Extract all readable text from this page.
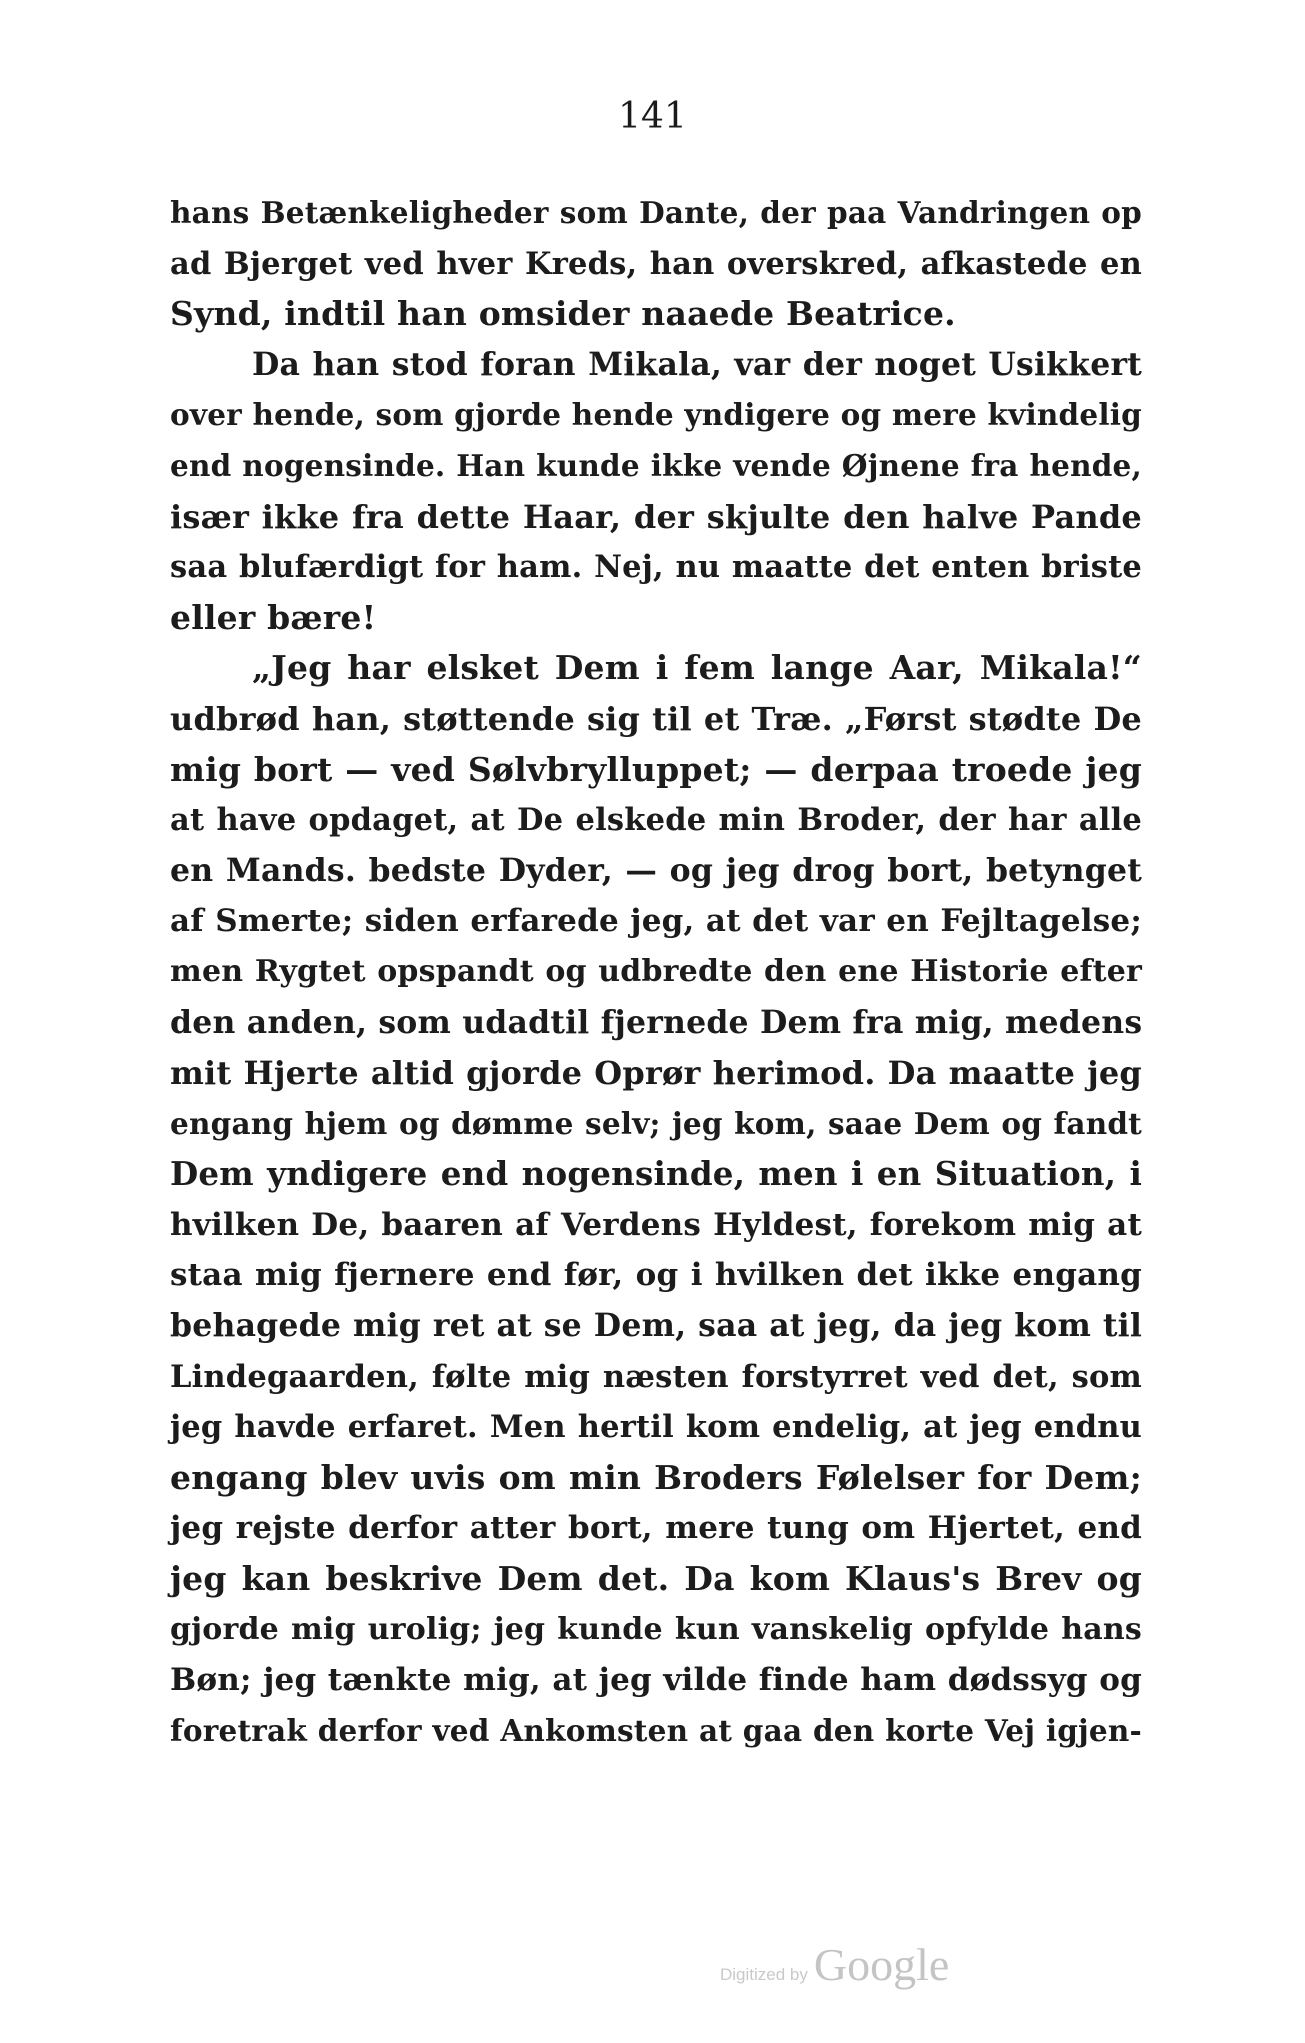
141
hans Betænkeligheder som Dante, der paa Vandringen op
ad Bjerget ved hver Kreds, han overskred, afkastede en
Synd, indtil han omsider naaede Beatrice.
Da han stod foran Mikala, var der noget Usikkert
over hende, som gjorde hende yndigere og mere kvindelig
end nogensinde. Han kunde ikke vende Øjnene fra hende,
især ikke fra dette Haar, der skjulte den halve Pande
saa blufærdigt for ham. Nej, nu maatte det enten briste
eller bære!
„Jeg har elsket Dem i fem lange Aar, Mikala!“
udbrød han, støttende sig til et Træ. „Først stødte De
mig bort — ved Sølvbrylluppet; — derpaa troede jeg
at have opdaget, at De elskede min Broder, der har alle
en Mands. bedste Dyder, — og jeg drog bort, betynget
af Smerte; siden erfarede jeg, at det var en Fejltagelse;
men Rygtet opspandt og udbredte den ene Historie efter
den anden, som udadtil fjernede Dem fra mig, medens
mit Hjerte altid gjorde Oprør herimod. Da maatte jeg
engang hjem og dømme selv; jeg kom, saae Dem og fandt
Dem yndigere end nogensinde, men i en Situation, i
hvilken De, baaren af Verdens Hyldest, forekom mig at
staa mig fjernere end før, og i hvilken det ikke engang
behagede mig ret at se Dem, saa at jeg, da jeg kom til
Lindegaarden, følte mig næsten forstyrret ved det, som
jeg havde erfaret. Men hertil kom endelig, at jeg endnu
engang blev uvis om min Broders Følelser for Dem;
jeg rejste derfor atter bort, mere tung om Hjertet, end
jeg kan beskrive Dem det. Da kom Klaus's Brev og
gjorde mig urolig; jeg kunde kun vanskelig opfylde hans
Bøn; jeg tænkte mig, at jeg vilde finde ham dødssyg og
foretrak derfor ved Ankomsten at gaa den korte Vej igjen-
Digitized by Google
